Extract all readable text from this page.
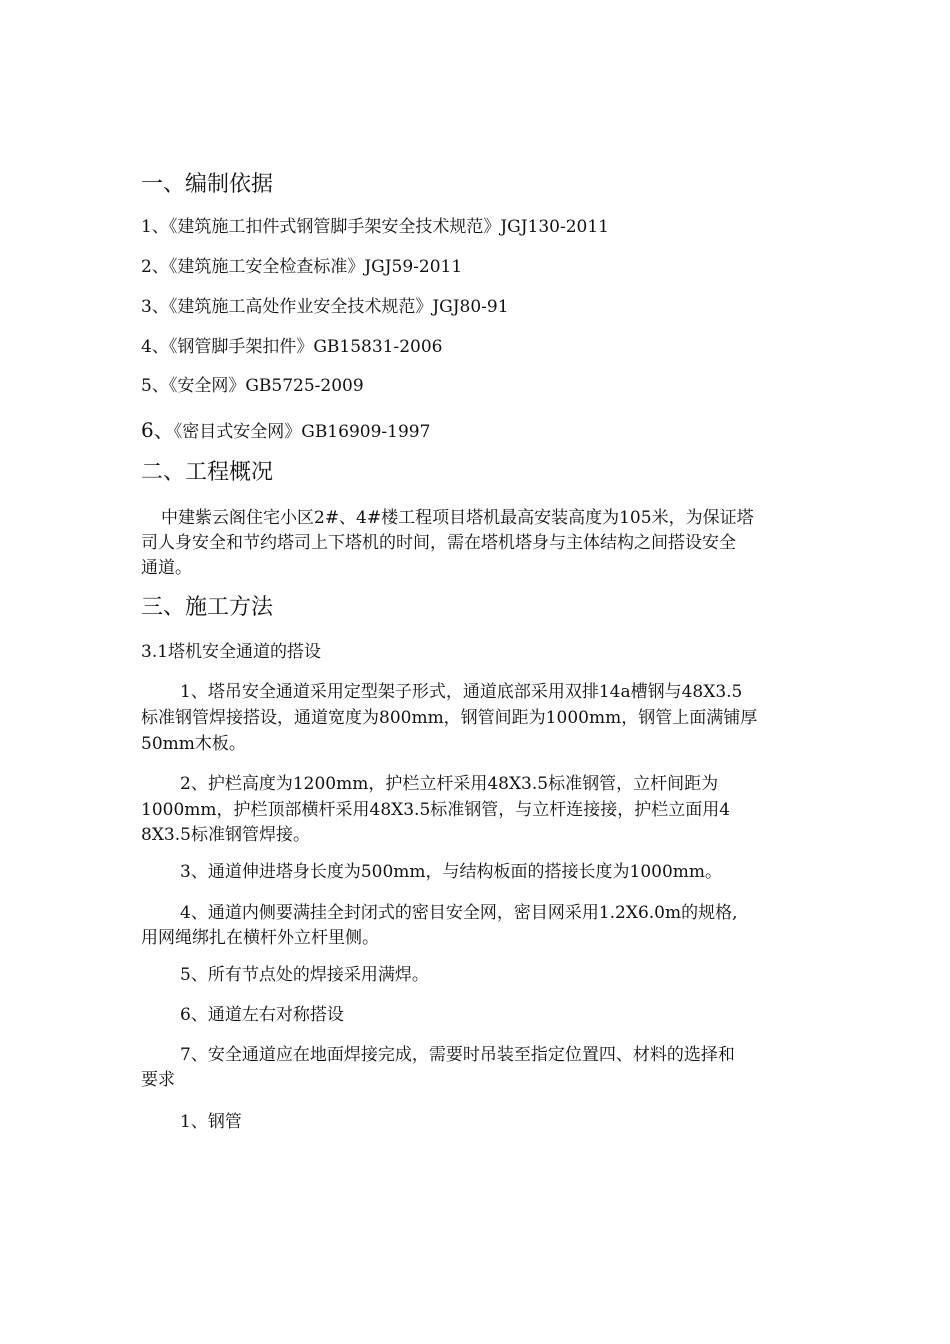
一、编制依据
1、《建筑施工扣件式钢管脚手架安全技术规范》JGJ130-2011
2、《建筑施工安全检查标准》JGJ59-2011
3、《建筑施工高处作业安全技术规范》JGJ80-91
4、《钢管脚手架扣件》GB15831-2006
5、《安全网》GB5725-2009
6、《密目式安全网》GB16909-1997
二、工程概况
中建紫云阁住宅小区2#、4#楼工程项目塔机最高安装高度为105米，为保证塔
司人身安全和节约塔司上下塔机的时间，需在塔机塔身与主体结构之间搭设安全
通道。
三、施工方法
3.1塔机安全通道的搭设
1、塔吊安全通道采用定型架子形式，通道底部采用双排14a槽钢与48X3.5
标准钢管焊接搭设，通道宽度为800mm，钢管间距为1000mm，钢管上面满铺厚
50mm木板。
2、护栏高度为1200mm，护栏立杆采用48X3.5标准钢管，立杆间距为
1000mm，护栏顶部横杆采用48X3.5标准钢管，与立杆连接接，护栏立面用4
8X3.5标准钢管焊接。
3、通道伸进塔身长度为500mm，与结构板面的搭接长度为1000mm。
4、通道内侧要满挂全封闭式的密目安全网，密目网采用1.2X6.0m的规格,
用网绳绑扎在横杆外立杆里侧。
5、所有节点处的焊接采用满焊。
6、通道左右对称搭设
7、安全通道应在地面焊接完成，需要时吊装至指定位置四、材料的选择和
要求
1、钢管
